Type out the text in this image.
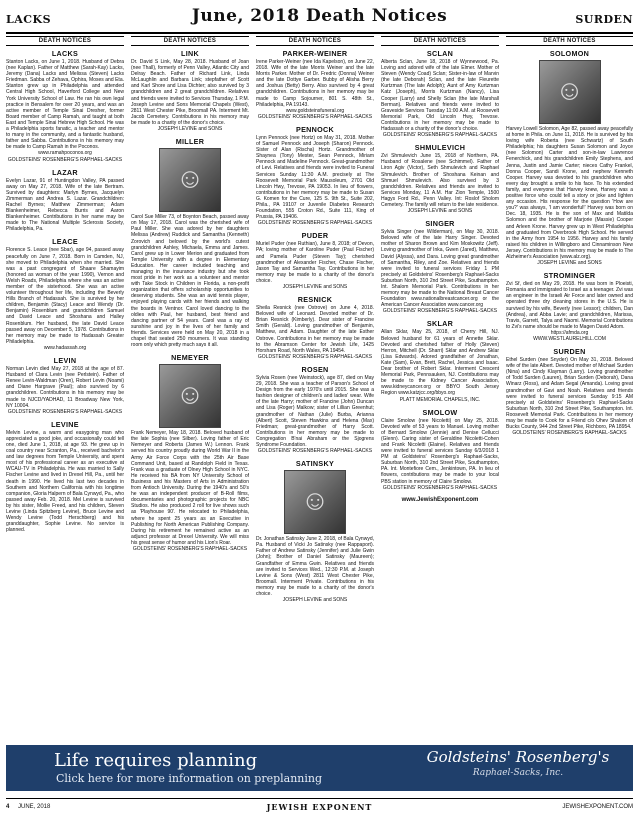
LACKS	June, 2018 Death Notices	SURDEN
DEATH NOTICES
LACKS

Stanton Lacks, on June 1, 2018. Husband of Debra (nee Kaplan). Father of Matthew (Sarah-Kay) Lacks, Jeremy (Dana) Lacks and Melissa (Steven) Lacks Friedman. Sabba of Zehava, Ophira, Moses and Eta. Stanton grew up in Philadelphia and attended Central High School, Haverford College and New York University School of Law. He ran his own legal practice in Bensalem for over 20 years, and was an active member of Temple Sinai Dresher, former Board member of Camp Ramah, and taught at both East and Temple Sinai Hebrew High School. He was a Philadelphia sports fanatic, a teacher and mentor to many in the community, and a fantastic husband, father and Sabba. Contributions in his memory may be made to Camp Ramah in the Poconos.

www.ramahpoconos.org
GOLDSTEINS' ROSENBERG'S RAPHAEL-SACKS

LAZAR

Evelyn Lazar, 91 of Huntingdon Valley, PA passed away on May 27, 2018. Wife of the late Bertram. Survived by daughters: Marlyn Byrnes, Jacquelyn Zimmerman and Andrea S. Lazar. Grandchildren: Rachel Byrnes; Matthew Zimmerman; Adam Blankenheimer, Rebecca Burris and Aaron Blankenheimer. Contributions in her name may be made to The National Multiple Sclerosis Society, Philadelphia, Pa.

LEACE

Florence S. Leace (nee Sbar), age 94, passed away peacefully on June 7, 2018. Born in Camden, NJ, she moved to Philadelphia when she married. She was a past congregant of Shaare Shamayim (honored as woman of the year 1990), Vernon and Welsh Roads, Philadelphia where she was an active member of the sisterhood. She was an active volunteer throughout her life, including the Beverly Hills Branch of Hadassah. She is survived by her children, Benjamin (Stacy) Leace and Wendy (Dr. Benjamin) Rosenblum and grandchildren Samuel and David Leace and Shoshana and Halley Rosenblum. Her husband, the late David Leace passed away on December 5, 1978. Contributions in her memory may be made to Hadassah Greater Philadelphia.

www.hadassah.org

LEVIN

Norman Levin died May 27, 2018 at the age of 87. Husband of Clara Levin (nee Perlstein). Father of Renee Levin-Waldman (Oren), Robert Levin (Noami) and Diane Hargrave (Paul); also survived by 6 grandchildren. Contributions in his memory may be made to NJCD/YADHAD, 11 Broadway New York, NY 10004.

GOLDSTEINS' ROSENBERG'S RAPHAEL-SACKS

LEVINE

Melvin Levine, a warm and easygoing man who appreciated a good joke, and occasionally could tell one, died June 1, 2018, at age 93. He grew up in coal country near Scranton, Pa., received bachelor's and law degrees from Temple University, and spent most of his professional career as an executive at WCAU-TV in Philadelphia. He was married to Sally Fischer Levine and lived in Drexel Hill, Pa., until her death in 1990. He lived his last two decades in Southern and Northern California with his longtime companion, Gloria Halpern of Bala Cynwyd, Pa., who passed away Feb. 20, 2018. Mel Levine is survived by his sister, Mollie Freed, and his children, Steven Levine (Linda Spitzberg Levine), Bruce Levine and Wendy Levine (Todd Herschberg) and his granddaughter, Sophie Levine. No service is planned.

DEATH NOTICES
LINK

Dr. David S Link, May 28, 2018. Husband of Joan (nee Thall), formerly of Penn Valley, Atlantic City and Delray Beach. Father of Richard Link, Linda McLaughlin and Barbara Link; stepfather of Scott and Karl Shore and Lisa Dichter; also survived by 3 grandchildren and 2 great grandchildren. Relatives and friends were invited to Services Thursday, 1 P.M. Joseph Levine and Sons Memorial Chapels (West), 2811 West Chester Pike, Broomall PA. Interment Mt. Jacob Cemetery. Contributions in his memory may be made to a charity of the donor's choice.

JOSEPH LEVINE and SONS

MILLER
☺

Carol Sue Miller 73, of Boynton Beach, passed away on May 17, 2018. Carol was the cherished wife of Paul Miller. She was adored by her daughters Melissa (Andrew) Ruddick and Samantha (Kenneth) Zorovich and beloved by the world's cutest grandchildren Ashley, Michaela, Emma and James. Carol grew up in Lower Merion and graduated from Temple University with a degree in Elementary Education. Her career included teaching and managing in the insurance industry but she took most pride in her work as a volunteer and mentor with Take Stock in Children in Florida, a non-profit organization that offers scholarship opportunities to deserving students. She was an avid tennis player, enjoyed playing cards with her friends and walking the boards in Ventnor. Carol loved dancing to the oldies with Paul, her husband, best friend and dancing partner of 54 years. Carol was a ray of sunshine and joy in the lives of her family and friends. Services were held on May 20, 2018 in a chapel that seated 250 mourners. It was standing room only which pretty much says it all.

NEMEYER
☺

Frank Nemeyer, May 18, 2018. Beloved husband of the late Sophia (nee Silber). Loving father of Eric Nemeyer and Roberta (James W.) Lennon. Frank served his country proudly during World War II in the Army Air Force Corps with the 25th Air Base Command Unit, based at Randolph Field in Texas. Frank was a graduate of Olney High School in NYC. He received his BA from NY University School of Business and his Masters of Arts in Administration from Antioch University. During the 1940's and 50's he was an independent producer of B-Roll films, documentaries and photographic projects for NBC Studios. He also produced 2 roll for live shows such as 'Playhouse 90'. He relocated to Philadelphia, where he spent 25 years as an Executive in Publishing for North American Publishing Company. During his retirement he remained active as an adjunct professor at Drexel University. We will miss his great sense of humor and his Lion's Roar.

GOLDSTEINS' ROSENBERG'S RAPHAEL-SACKS

DEATH NOTICES
PARKER-WEINER

Irene Parker-Weiner (nee Ida Kapelson), on June 22, 2018. Wife of the late Morris Weiner and the late Morris Parker. Mother of Dr. Fredric (Donna) Weiner and the late Dottye Garber. Bubby of Alisha Berry and Joshua (Betty) Berry. Also survived by 4 great grandchildren. Contributions in her memory may be made to Camp Sojourner, 801 S. 48th St., Philadelphia, PA 19143.

www.goldsteinsfuneral.org
GOLDSTEINS' ROSENBERG'S RAPHAEL-SACKS

PENNOCK

Lynn Pennock (nee Hortz) on May 31, 2018. Mother of Samuel Pennock and Joseph (Sharon) Pennock. Sister of Alan (Rischa) Hortz. Grandmother of Shaynea (Tony) Mester, Sean Pennock, Miriam Pennock and Madeline Pennock. Great-grandmother of Levi. Relatives and friends were invited to Funeral Services Sunday 11:30 A.M. precisely at The Roosevelt Memorial Park Mausoleum, 2701 Old Lincoln Hwy, Trevose, PA 19053. In lieu of flowers, contributions in her memory may be made to Susan G. Komen for the Cure, 125 S. 9th St., Suite 202, Phila., PA 19107 or Juvenile Diabetes Research Foundation, 555 Croton Rd., Suite 111, King of Prussia, PA 19406.

GOLDSTEINS' ROSENBERG'S RAPHAEL-SACKS

PUDER

Muriel Puder (nee Ruthian), June 8, 2018; of Devon, PA; loving mother of Karoline Puder (Paul Fischer) and Pamela Puder (Steven Tay); cherished grandmother of Alexander Fischer, Chase Fischer, Jason Tay and Samantha Tay. Contributions in her memory may be made to a charity of the donor's choice.

JOSEPH LEVINE and SONS

RESNICK

Sheila Resnick (nee Ostrove) on June 4, 2018. Beloved wife of Leonard. Devoted mother of Dr. Brian Resnick (Kimberly). Dear sister of Francine Smith (Gerald). Loving grandmother of Benjamin, Matthew, and Adam. Daughter of the late Esther Ostrove. Contributions in her memory may be made to the Abramson Center for Jewish Life, 1425 Horsham Road, North Wales, PA 19454.

GOLDSTEINS' ROSENBERG'S RAPHAEL-SACKS

ROSEN

Sylvia Rosen (nee Weinstock), age 87, died on May 29, 2018. She was a teacher of Parson's School of Design from the early 1970's until 2015. She was a fashion designer of children's and ladies' wear. Wife of the late Harry; mother of Francine (John) Duncan and Lisa (Roger) Malkow; sister of Lillian Greenhut; grandmother of Nathan (Julie) Burba, Arianna (Albert) Scott, Steven Hawkins and Helena (Max) Friedman; great-grandmother of Harry Scott. Contributions in her memory may be made to Congregation B'nai Abraham or the Sjogrens Syndrome Foundation.

GOLDSTEINS' ROSENBERG'S RAPHAEL-SACKS

SATINSKY
☺

Dr. Jonathan Satinsky June 2, 2018, of Bala Cynwyd, Pa. Husband of Vicki Jo Satinsky (nee Rappaport). Father of Andrew Satinsky (Jennifer) and Julie Gwin (John); Brother of Daniel Satinsky (Maureen); Grandfather of Emma Gwin. Relatives and friends are invited to Services Wed., 12:30 P.M. at Joseph Levine & Sons (West) 2811 West Chester Pike, Broomall. Interment Private. Contributions in his memory may be made to a charity of the donor's choice.

JOSEPH LEVINE and SONS

DEATH NOTICES
SCLAN

Alberta Sclan, June 18, 2018 of Wynnewood, Pa. Loving and adored wife of the late Elmer. Mother of Steven (Wendy Coad) Sclan; Sister-in-law of Marvin (the late Deborah) Sclan, and the late Fleurette Kurtzman (The late Adolph); Aunt of Amy Kurtzman Katz (Joseph), Morris Kurtzman (Nancy), Lisa Cooper (Larry) and Shelly Sclan (the late Marshall Berman). Relatives and friends were invited to Graveside Services Tuesday 11:00 A.M. at Roosevelt Memorial Park, Old Lincoln Hwy, Trevose. Contributions in her memory may be made to Hadassah or a charity of the donor's choice.

GOLDSTEINS' ROSENBERG'S RAPHAEL-SACKS

SHMULEVICH

Zvi Shmulevich June 15, 2018 of Northern, PA. Husband of Rosalene (nee Schimmel). Father of Liron Agiv (Victor), Seth Shmulevich and Raphael Shmulevich. Brother of Shoshana Keinan and Shmuel Shmulevich. Also survived by 3 grandchildren. Relatives and friends are invited to Services Monday, 11 A.M. Har Zion Temple, 1500 Hagys Ford Rd., Penn Valley. Int: Roslof Sholom Cemetery. The family will return to the late residence.

JOSEPH LEVINE and SONS

SINGER

Sylvia Singer (nee Wilderman), on May 30, 2018. Beloved wife of the late Harry Singer. Devoted mother of Sharon Brown and Kim Moskowitz (Jeff). Loving grandmother of Inka, Gwen (Jared), Matthew, David (Alyssa), and Dara. Loving great grandmother of Samantha, Riley, and Zoe. Relatives and friends were invited to funeral services Friday 1 PM precisely at Goldsteins' Rosenberg's Raphael-Sacks Suburban North, 310 2nd Street Pike, Southampton. Int. Shalom Memorial Park. Contributions in her memory may be made to the National Breast Cancer Foundation www.nationalbreastcancer.org or the American Cancer Association www.cancer.org

GOLDSTEINS' ROSENBERG'S RAPHAEL-SACKS

SKLAR

Allan Sklar, May 25, 2018, of Cherry Hill, NJ. Beloved husband for 61 years of Annette Sklar. Devoted and cherished father of Holly (Steven) Herron, Mitchell (Dr. Sharri) Sklar and Andrew Sklar (Lisa Edwards). Adored grandfather of Jonathan, Kate (Sam), Evan, Brett, Rachel, Jessica and Isaac. Dear brother of Robert Sklar. Interment Crescent Memorial Park, Pennsauken, NJ. Contributions may be made to the Kidney Cancer Association, www.kidneycancer.org or BBYO South Jersey Region www.katzjcc.org/bbyo.org

PLATT MEMORIAL CHAPELS, INC.

SMOLOW

Claire Smolow (nee Nicoletti) on May 25, 2018. Devoted wife of 53 years to Manuel. Loving mother of Bernard Smolow (Jennie) and Denise Cellucci (Glenn). Caring sister of Geraldine Nicoletti-Cohen and Frank Nicoletti (Elaine). Relatives and friends were invited to funeral services Sunday 6/3/2018 1 PM at Goldsteins' Rosenberg's Raphael-Sacks, Suburban North, 310 2nd Street Pike, Southampton, PA. Int. Montefiore Cem., Jenkintown, PA. In lieu of flowers, contributions may be made to your local PBS station in memory of Claire Smolow.

GOLDSTEINS' ROSENBERG'S RAPHAEL-SACKS

www.JewishExponent.com
DEATH NOTICES
SOLOMON
☺

Harvey Lowell Solomon, Age 82, passed away peacefully at home in Phila. on June 11, 2018. He is survived by his loving wife Roberta (nee Schwartz) of South Philadelphia; his daughters Susan Solomon and Joyce (nee Solomon) Carter and son-in-law Lawrence Fenerchick, and his grandchildren Emily Stephens, and Jenna, Justin and Jamie Carter; nieces Cathy Frankel, Donna Cooper, Sandi Krone, and nephew Kenneth Cooper. Harvey was devoted to his grandchildren who every day brought a smile to his face. To his extended family, and everyone that Harvey knew, Harvey was a positive force who could tell a story or joke and lighten any occasion. His response for the question 'How are you?' was always, 'I am wonderful!' Harvey was born on Dec. 18, 1935. He is the son of Max and Matilda Solomon and the brother of Marjorie (Massie) Cooper and Arleen Krone. Harvey grew up in West Philadelphia and graduated from Overbrook High School. He served in the Army from 1954 to 1956. Harvey and his family raised his children in Willingboro and Cinnaminson New Jersey. Contributions in his memory may be made to The Alzheimer's Association (www.alz.org).

JOSEPH LEVINE and SONS

STROMINGER

Zvi Sf, died on May 29, 2018. He was born in Ploeisti, Romania and immigrated to Israel as a teenager. Zvi was an engineer in the Israeli Air Force and later owned and operated three dry cleaning stores in the U.S. He is survived by his wife, Beverly (nee Lessor); children, Dan (Andrea), and Abba Lavie; and grandchildren, Marissa, Travis, Garrett, Talya and Naomi. Memorial Contributions to Zvi's name should be made to Magen David Adom.

https://afmda.org
WWW.WESTLAURELHILL.COM

SURDEN

Ethel Surden (nee Snyder) On May 31, 2018. Beloved wife of the late Albert. Devoted mother of Michael Surden (Nina) and Cindy Klayman (Larry). Loving grandmother of Todd Surden (Lauren), Brian Surden (Deborah), Dana Winarz (Ross), and Adam Segal (Amanda). Loving great grandmother of Gavi and Noah. Relatives and friends were invited to funeral services Sunday 9:15 AM precisely at Goldsteins' Rosenberg's Raphael-Sacks Suburban North, 310 2nd Street Pike, Southampton. Int. Roosevelt Memorial Park. Contributions in her memory may be made to Cook for a Friend c/o Ohev Shalom of Bucks County, 944 2nd Street Pike, Richboro, PA 18954.

GOLDSTEINS' ROSENBERG'S RAPHAEL-SACKS

Life requires planning
Click here for more information on preplanning
Goldsteins' Rosenberg's
Raphael-Sacks, Inc.
4 JUNE, 2018	JEWISH EXPONENT	JEWISHEXPONENT.COM
